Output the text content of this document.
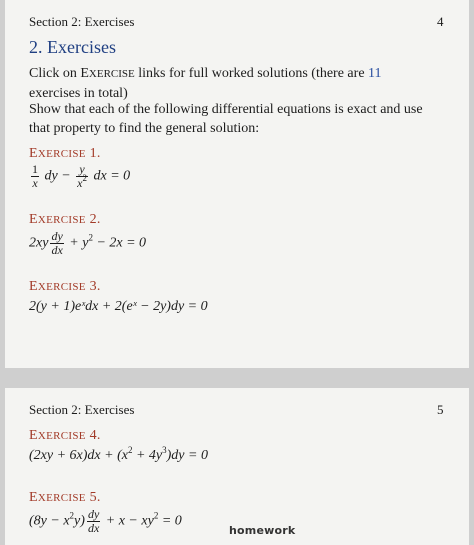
Section 2: Exercises	4
2. Exercises
Click on EXERCISE links for full worked solutions (there are 11 exercises in total)
Show that each of the following differential equations is exact and use that property to find the general solution:
EXERCISE 1.
$\frac{1}{x}$ dy − $\frac{y}{x^2}$ dx = 0
EXERCISE 2.
$2xy \frac{dy}{dx} + y^2 - 2x = 0$
EXERCISE 3.
2(y + 1)eˣdx + 2(eˣ − 2y)dy = 0
Section 2: Exercises	5
EXERCISE 4.
$(2xy + 6x)dx + (x^2 + 4y^3)dy = 0$
EXERCISE 5.
$(8y - x^2y) \frac{dy}{dx} + x - xy^2 = 0$
homework
